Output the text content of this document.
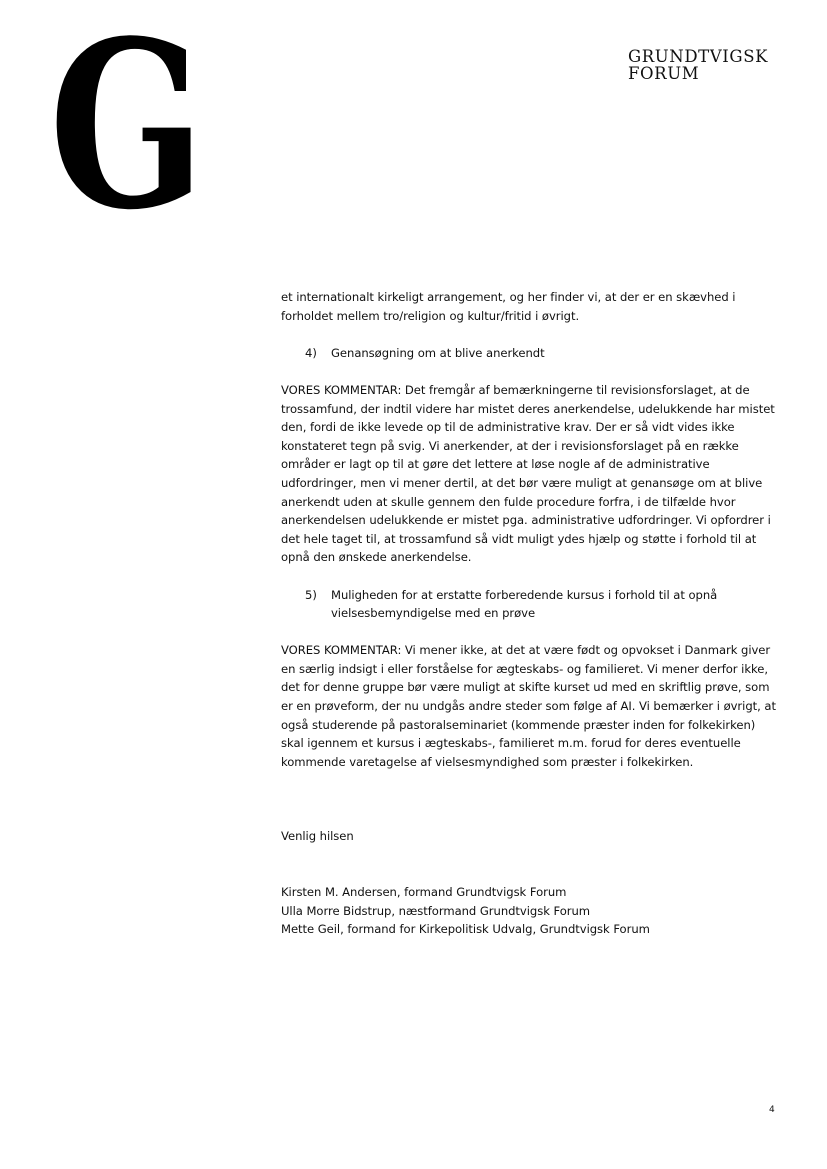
G	GRUNDTVIGSK
FORUM

et internationalt kirkeligt arrangement, og her finder vi, at der er en skævhed i forholdet mellem tro/religion og kultur/fritid i øvrigt.

4)	Genansøgning om at blive anerkendt

VORES KOMMENTAR: Det fremgår af bemærkningerne til revisionsforslaget, at de trossamfund, der indtil videre har mistet deres anerkendelse, udelukkende har mistet den, fordi de ikke levede op til de administrative krav. Der er så vidt vides ikke konstateret tegn på svig. Vi anerkender, at der i revisionsforslaget på en række områder er lagt op til at gøre det lettere at løse nogle af de administrative udfordringer, men vi mener dertil, at det bør være muligt at genansøge om at blive anerkendt uden at skulle gennem den fulde procedure forfra, i de tilfælde hvor anerkendelsen udelukkende er mistet pga. administrative udfordringer. Vi opfordrer i det hele taget til, at trossamfund så vidt muligt ydes hjælp og støtte i forhold til at opnå den ønskede anerkendelse.

5)	Muligheden for at erstatte forberedende kursus i forhold til at opnå vielsesbemyndigelse med en prøve

VORES KOMMENTAR: Vi mener ikke, at det at være født og opvokset i Danmark giver en særlig indsigt i eller forståelse for ægteskabs- og familieret. Vi mener derfor ikke, det for denne gruppe bør være muligt at skifte kurset ud med en skriftlig prøve, som er en prøveform, der nu undgås andre steder som følge af AI. Vi bemærker i øvrigt, at også studerende på pastoralseminariet (kommende præster inden for folkekirken) skal igennem et kursus i ægteskabs-, familieret m.m. forud for deres eventuelle kommende varetagelse af vielsesmyndighed som præster i folkekirken.

Venlig hilsen

Kirsten M. Andersen, formand Grundtvigsk Forum

Ulla Morre Bidstrup, næstformand Grundtvigsk Forum

Mette Geil, formand for Kirkepolitisk Udvalg, Grundtvigsk Forum

4
